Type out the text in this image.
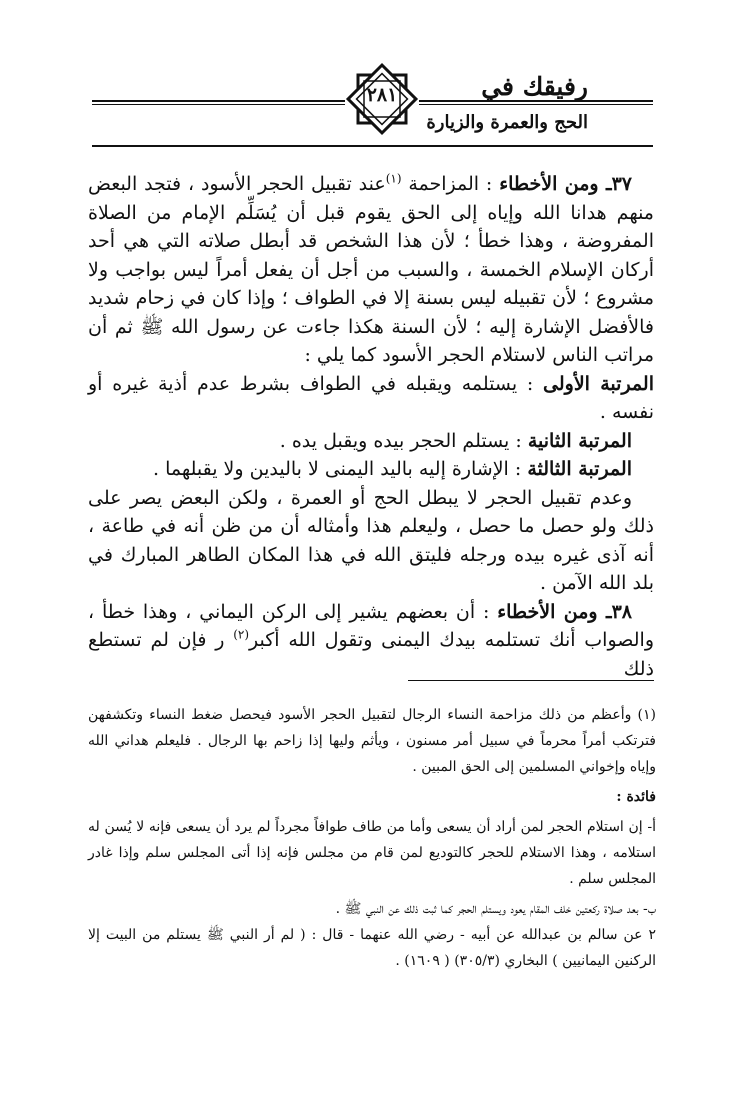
رفيقك في
الحج والعمرة والزيارة
٢٨١

٣٧ـ ومن الأخطاء : المزاحمة $^{(١)}$عند تقبيل الحجر الأسود ، فتجد البعض منهم هدانا الله وإياه إلى الحق يقوم قبل أن يُسَلِّم الإمام من الصلاة المفروضة ، وهذا خطأ ؛ لأن هذا الشخص قد أبطل صلاته التي هي أحد أركان الإسلام الخمسة ، والسبب من أجل أن يفعل أمراً ليس بواجب ولا مشروع ؛ لأن تقبيله ليس بسنة إلا في الطواف ؛ وإذا كان في زحام شديد فالأفضل الإشارة إليه ؛ لأن السنة هكذا جاءت عن رسول الله ﷺ ثم أن مراتب الناس لاستلام الحجر الأسود كما يلي :

المرتبة الأولى : يستلمه ويقبله في الطواف بشرط عدم أذية غيره أو نفسه .

المرتبة الثانية : يستلم الحجر بيده ويقبل يده .

المرتبة الثالثة : الإشارة إليه باليد اليمنى لا باليدين ولا يقبلهما .

وعدم تقبيل الحجر لا يبطل الحج أو العمرة ، ولكن البعض يصر على ذلك ولو حصل ما حصل ، وليعلم هذا وأمثاله أن من ظن أنه في طاعة ، أنه آذى غيره بيده ورجله فليتق الله في هذا المكان الطاهر المبارك في بلد الله الآمن .

٣٨ـ ومن الأخطاء : أن بعضهم يشير إلى الركن اليماني ، وهذا خطأ ، والصواب أنك تستلمه بيدك اليمنى وتقول الله أكبر$^{(٢)}$ ر فإن لم تستطع ذلك

(١) وأعظم من ذلك مزاحمة النساء الرجال لتقبيل الحجر الأسود فيحصل ضغط النساء وتكشفهن فترتكب أمراً محرماً في سبيل أمر مسنون ، ويأثم وليها إذا زاحم بها الرجال . فليعلم هداني الله وإياه وإخواني المسلمين إلى الحق المبين .

فائدة :

أ- إن استلام الحجر لمن أراد أن يسعى وأما من طاف طوافاً مجرداً لم يرد أن يسعى فإنه لا يُسن له استلامه ، وهذا الاستلام للحجر كالتوديع لمن قام من مجلس فإنه إذا أتى المجلس سلم وإذا غادر المجلس سلم .

ب- بعد صلاة ركعتين خلف المقام يعود ويستلم الحجر كما ثبت ذلك عن النبي ﷺ .

٢ عن سالم بن عبدالله عن أبيه - رضي الله عنهما - قال : ( لم أر النبي ﷺ يستلم من البيت إلا الركنين اليمانيين ) البخاري (٣٠٥/٣) ( ١٦٠٩) .
